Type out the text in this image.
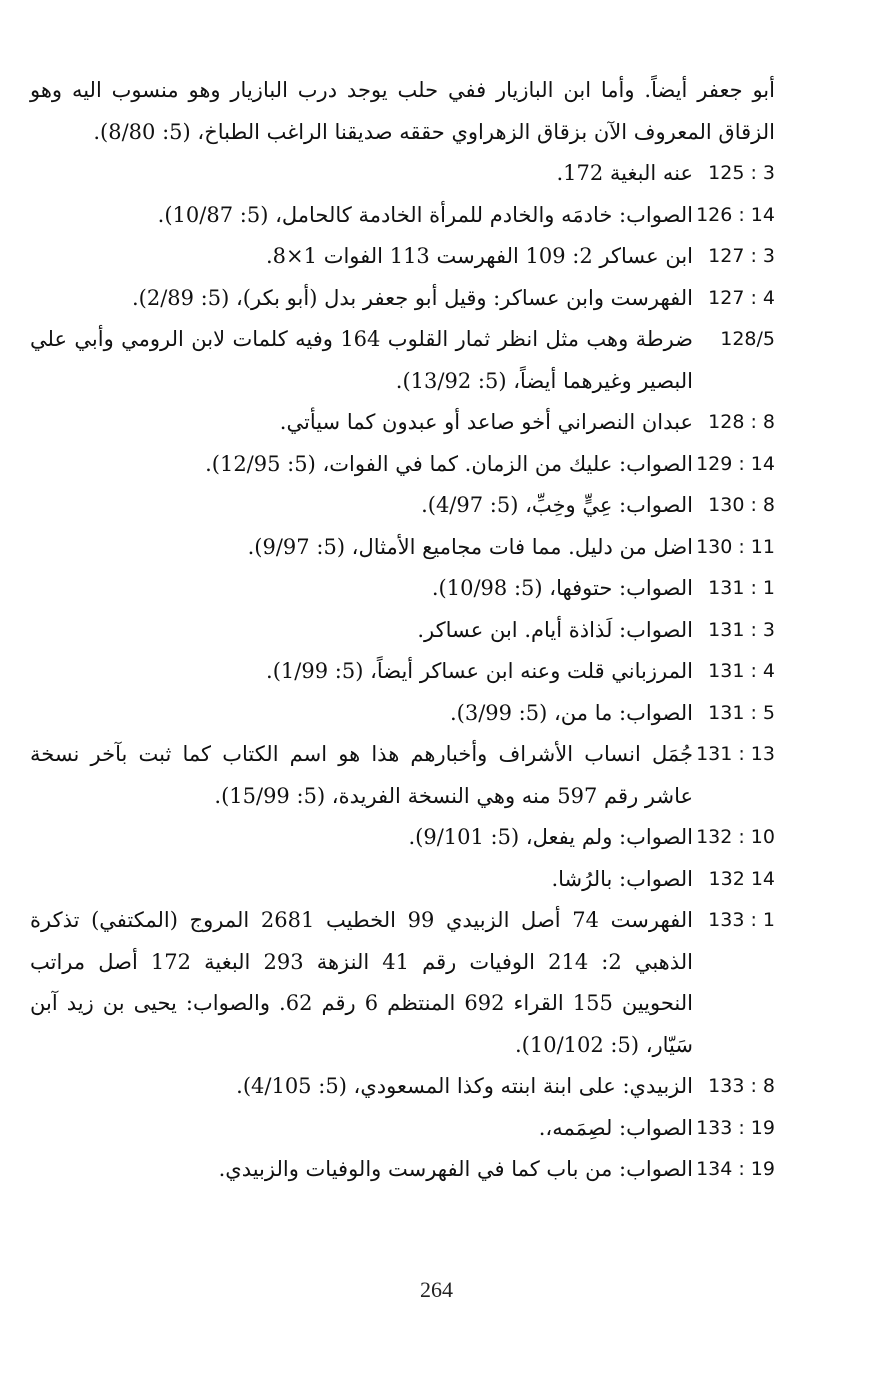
أبو جعفر أيضاً. وأما ابن البازيار ففي حلب يوجد درب البازيار وهو منسوب اليه وهو الزقاق المعروف الآن بزقاق الزهراوي حققه صديقنا الراغب الطباخ، (5: 8/80).
125 : 3
عنه البغية 172.
126 : 14
الصواب: خادمَه والخادم للمرأة الخادمة كالحامل، (5: 10/87).
127 : 3
ابن عساكر 2: 109 الفهرست 113 الفوات 1×8.
127 : 4
الفهرست وابن عساكر: وقيل أبو جعفر بدل (أبو بكر)، (5: 2/89).
128/5
ضرطة وهب مثل انظر ثمار القلوب 164 وفيه كلمات لابن الرومي وأبي علي البصير وغيرهما أيضاً، (5: 13/92).
128 : 8
عبدان النصراني أخو صاعد أو عبدون كما سيأتي.
129 : 14
الصواب: عليك من الزمان. كما في الفوات، (5: 12/95).
130 : 8
الصواب: عِيٍّ وخِبِّ، (5: 4/97).
130 : 11
اضل من دليل. مما فات مجاميع الأمثال، (5: 9/97).
131 : 1
الصواب: حتوفها، (5: 10/98).
131 : 3
الصواب: لَذاذة أيام. ابن عساكر.
131 : 4
المرزباني قلت وعنه ابن عساكر أيضاً، (5: 1/99).
131 : 5
الصواب: ما من، (5: 3/99).
131 : 13
جُمَل انساب الأشراف وأخبارهم هذا هو اسم الكتاب كما ثبت بآخر نسخة عاشر رقم 597 منه وهي النسخة الفريدة، (5: 15/99).
132 : 10
الصواب: ولم يفعل، (5: 9/101).
132 14
الصواب: بالرُشا.
133 : 1
الفهرست 74 أصل الزبيدي 99 الخطيب 2681 المروج (المكتفي) تذكرة الذهبي 2: 214 الوفيات رقم 41 النزهة 293 البغية 172 أصل مراتب النحويين 155 القراء 692 المنتظم 6 رقم 62. والصواب: يحيى بن زيد آبن سَيّار، (5: 10/102).
133 : 8
الزبيدي: على ابنة ابنته وكذا المسعودي، (5: 4/105).
133 : 19
الصواب: لصِمَمه،.
134 : 19
الصواب: من باب كما في الفهرست والوفيات والزبيدي.
264
